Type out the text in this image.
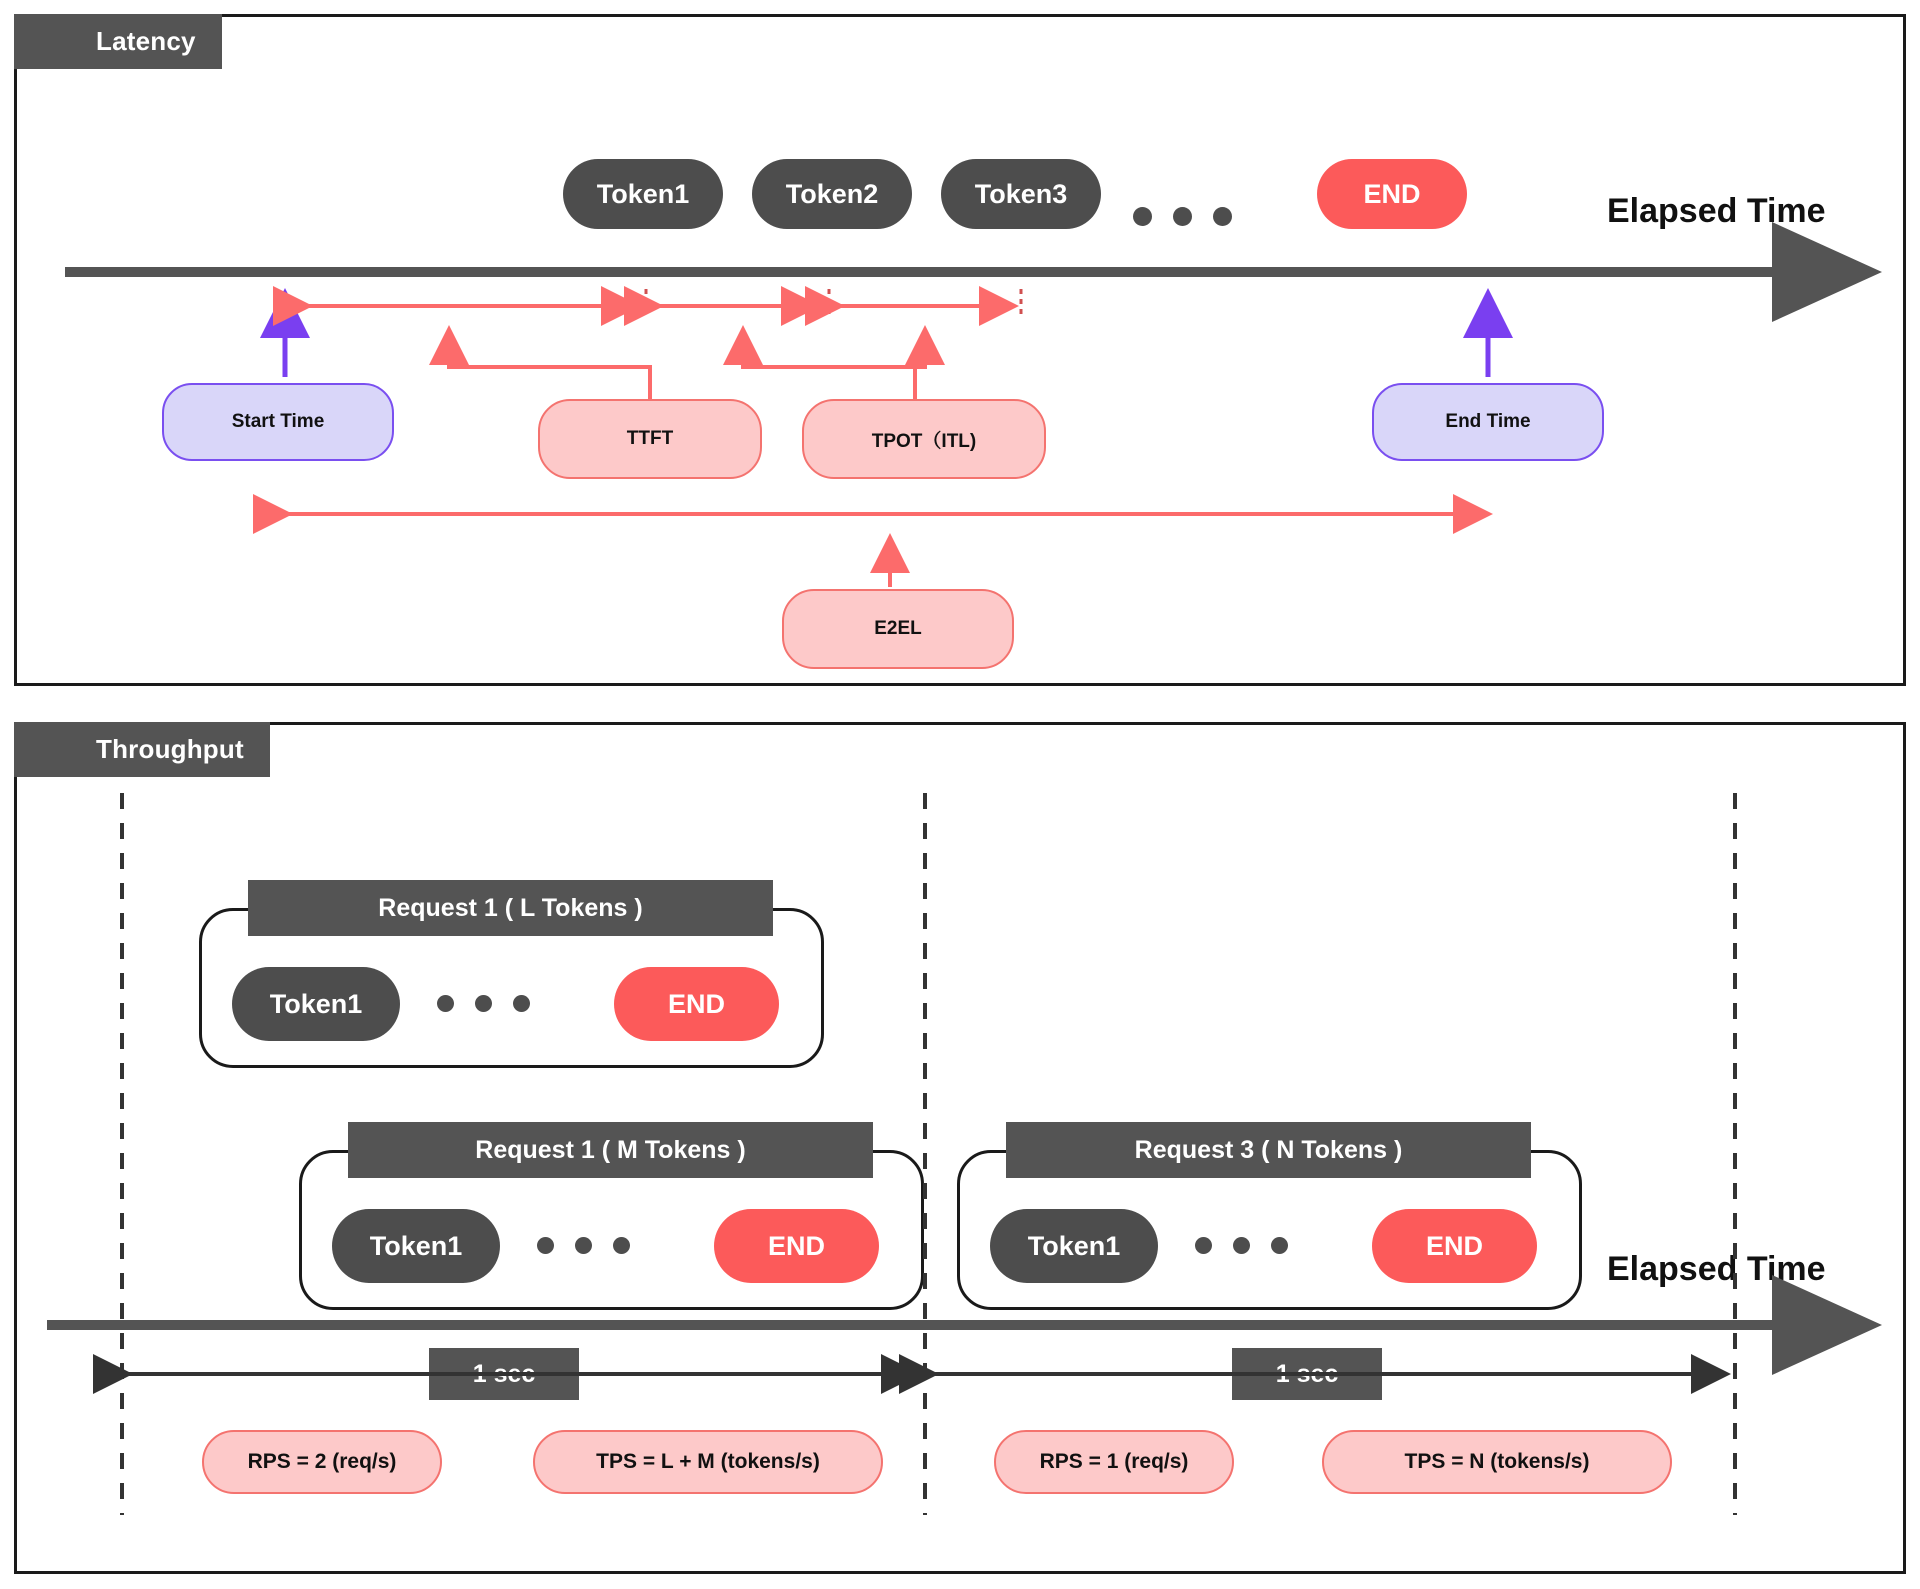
Latency
Token1	Token2	Token3	END	Elapsed Time
Start Time	End Time
TTFT	TPOT（ITL)
E2EL
Throughput
Request 1 ( L Tokens )
Token1	END
Request 1 ( M Tokens )
Token1	END
Request 3 ( N Tokens )
Token1	END
Elapsed Time
1 sec	1 sec
RPS = 2 (req/s)	TPS = L + M (tokens/s)	RPS = 1 (req/s)	TPS = N (tokens/s)
